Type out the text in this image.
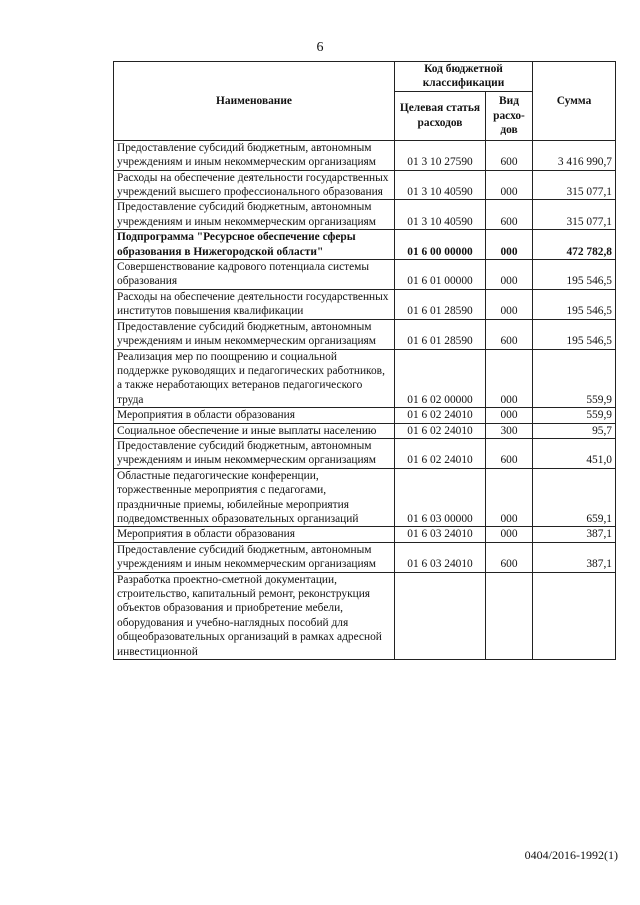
6
Наименование	Код бюджетной классификации		Сумма
	Целевая статья расходов	Вид расхо-дов	
Предоставление субсидий бюджетным, автономным учреждениям и иным некоммерческим организациям	01 3 10 27590	600	3 416 990,7
Расходы на обеспечение деятельности государственных учреждений высшего профессионального образования	01 3 10 40590	000	315 077,1
Предоставление субсидий бюджетным, автономным учреждениям и иным некоммерческим организациям	01 3 10 40590	600	315 077,1
Подпрограмма "Ресурсное обеспечение сферы образования в Нижегородской области"	01 6 00 00000	000	472 782,8
Совершенствование кадрового потенциала системы образования	01 6 01 00000	000	195 546,5
Расходы на обеспечение деятельности государственных институтов повышения квалификации	01 6 01 28590	000	195 546,5
Предоставление субсидий бюджетным, автономным учреждениям и иным некоммерческим организациям	01 6 01 28590	600	195 546,5
Реализация мер по поощрению и социальной поддержке руководящих и педагогических работников, а также неработающих ветеранов педагогического труда	01 6 02 00000	000	559,9
Мероприятия в области образования	01 6 02 24010	000	559,9
Социальное обеспечение и иные выплаты населению	01 6 02 24010	300	95,7
Предоставление субсидий бюджетным, автономным учреждениям и иным некоммерческим организациям	01 6 02 24010	600	451,0
Областные педагогические конференции, торжественные мероприятия с педагогами, праздничные приемы, юбилейные мероприятия подведомственных образовательных организаций	01 6 03 00000	000	659,1
Мероприятия в области образования	01 6 03 24010	000	387,1
Предоставление субсидий бюджетным, автономным учреждениям и иным некоммерческим организациям	01 6 03 24010	600	387,1
Разработка проектно-сметной документации, строительство, капитальный ремонт, реконструкция объектов образования и приобретение мебели, оборудования и учебно-наглядных пособий для общеобразовательных организаций в рамках адресной инвестиционной			
0404/2016-1992(1)
